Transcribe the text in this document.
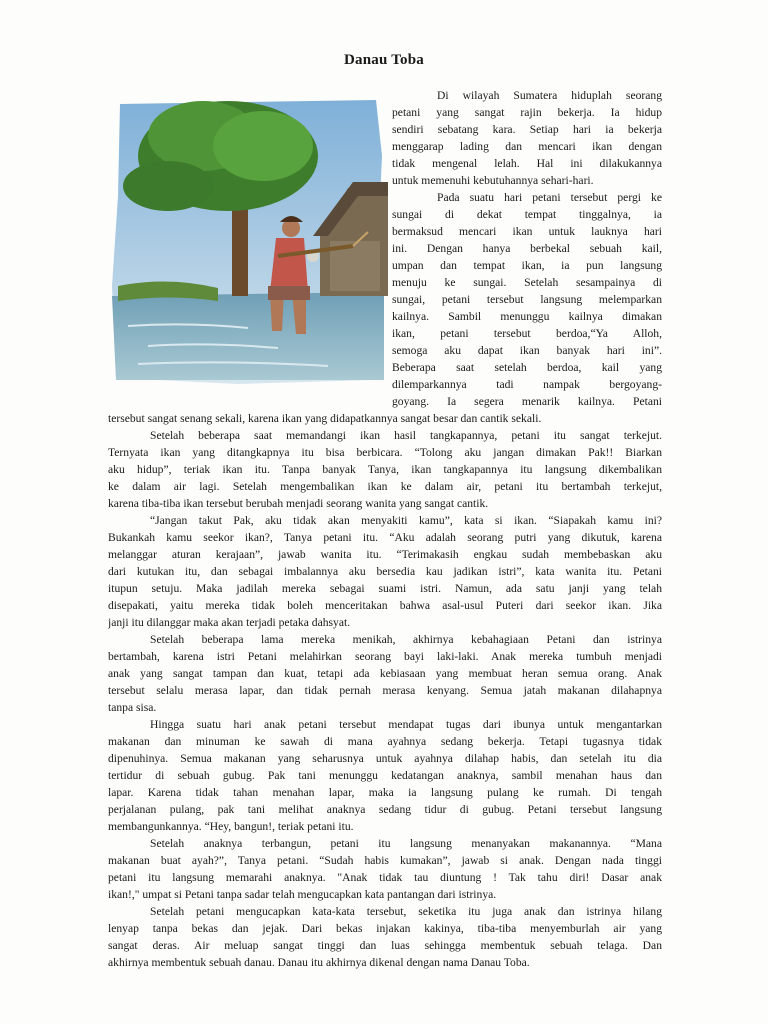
Danau Toba
Di wilayah Sumatera hiduplah seorang
petani yang sangat rajin bekerja. Ia hidup
sendiri sebatang kara. Setiap hari ia bekerja
menggarap lading dan mencari ikan dengan
tidak mengenal lelah. Hal ini dilakukannya
untuk memenuhi kebutuhannya sehari-hari.
Pada suatu hari petani tersebut pergi ke
sungai di dekat tempat tinggalnya, ia
bermaksud mencari ikan untuk lauknya hari
ini. Dengan hanya berbekal sebuah kail,
umpan dan tempat ikan, ia pun langsung
menuju ke sungai. Setelah sesampainya di
sungai, petani tersebut langsung melemparkan
kailnya. Sambil menunggu kailnya dimakan
ikan, petani tersebut berdoa,“Ya Alloh,
semoga aku dapat ikan banyak hari ini”.
Beberapa saat setelah berdoa, kail yang
dilemparkannya tadi nampak bergoyang-
goyang. Ia segera menarik kailnya. Petani
tersebut sangat senang sekali, karena ikan yang didapatkannya sangat besar dan cantik sekali.
Setelah beberapa saat memandangi ikan hasil tangkapannya, petani itu sangat terkejut.
Ternyata ikan yang ditangkapnya itu bisa berbicara. “Tolong aku jangan dimakan Pak!! Biarkan
aku hidup”, teriak ikan itu. Tanpa banyak Tanya, ikan tangkapannya itu langsung dikembalikan
ke dalam air lagi. Setelah mengembalikan ikan ke dalam air, petani itu bertambah terkejut,
karena tiba-tiba ikan tersebut berubah menjadi seorang wanita yang sangat cantik.
“Jangan takut Pak, aku tidak akan menyakiti kamu”, kata si ikan. “Siapakah kamu ini?
Bukankah kamu seekor ikan?, Tanya petani itu. “Aku adalah seorang putri yang dikutuk, karena
melanggar aturan kerajaan”, jawab wanita itu. “Terimakasih engkau sudah membebaskan aku
dari kutukan itu, dan sebagai imbalannya aku bersedia kau jadikan istri”, kata wanita itu. Petani
itupun setuju. Maka jadilah mereka sebagai suami istri. Namun, ada satu janji yang telah
disepakati, yaitu mereka tidak boleh menceritakan bahwa asal-usul Puteri dari seekor ikan. Jika
janji itu dilanggar maka akan terjadi petaka dahsyat.
Setelah beberapa lama mereka menikah, akhirnya kebahagiaan Petani dan istrinya
bertambah, karena istri Petani melahirkan seorang bayi laki-laki. Anak mereka tumbuh menjadi
anak yang sangat tampan dan kuat, tetapi ada kebiasaan yang membuat heran semua orang. Anak
tersebut selalu merasa lapar, dan tidak pernah merasa kenyang. Semua jatah makanan dilahapnya
tanpa sisa.
Hingga suatu hari anak petani tersebut mendapat tugas dari ibunya untuk mengantarkan
makanan dan minuman ke sawah di mana ayahnya sedang bekerja. Tetapi tugasnya tidak
dipenuhinya. Semua makanan yang seharusnya untuk ayahnya dilahap habis, dan setelah itu dia
tertidur di sebuah gubug. Pak tani menunggu kedatangan anaknya, sambil menahan haus dan
lapar. Karena tidak tahan menahan lapar, maka ia langsung pulang ke rumah. Di tengah
perjalanan pulang, pak tani melihat anaknya sedang tidur di gubug. Petani tersebut langsung
membangunkannya. “Hey, bangun!, teriak petani itu.
Setelah anaknya terbangun, petani itu langsung menanyakan makanannya. “Mana
makanan buat ayah?”, Tanya petani. “Sudah habis kumakan”, jawab si anak. Dengan nada tinggi
petani itu langsung memarahi anaknya. "Anak tidak tau diuntung ! Tak tahu diri! Dasar anak
ikan!," umpat si Petani tanpa sadar telah mengucapkan kata pantangan dari istrinya.
Setelah petani mengucapkan kata-kata tersebut, seketika itu juga anak dan istrinya hilang
lenyap tanpa bekas dan jejak. Dari bekas injakan kakinya, tiba-tiba menyemburlah air yang
sangat deras. Air meluap sangat tinggi dan luas sehingga membentuk sebuah telaga. Dan
akhirnya membentuk sebuah danau. Danau itu akhirnya dikenal dengan nama Danau Toba.
